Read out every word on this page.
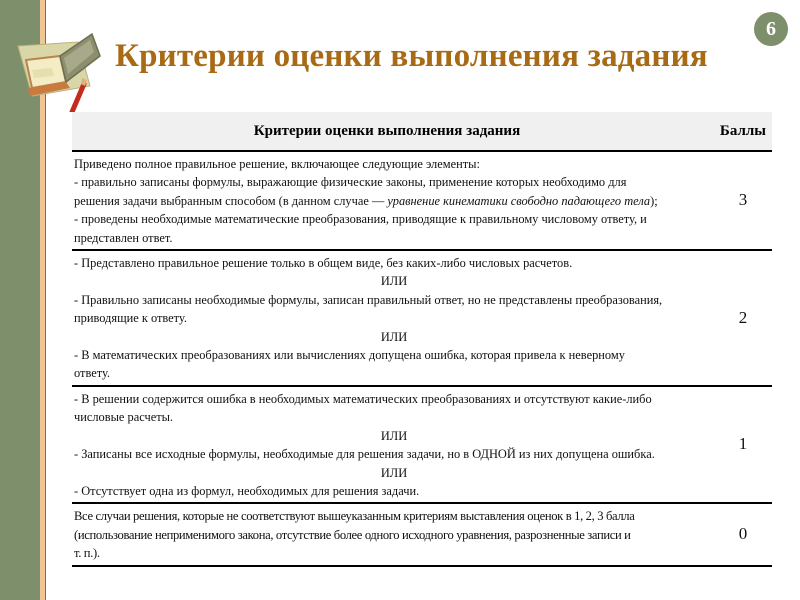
Критерии оценки выполнения задания
6
Критерии оценки выполнения задания	Баллы
Приведено полное правильное решение, включающее следующие элементы:
- правильно записаны формулы, выражающие физические законы, применение которых необходимо для
решения задачи выбранным способом (в данном случае — уравнение кинематики свободно падающего тела);
- проведены необходимые математические преобразования, приводящие к правильному числовому ответу, и
представлен ответ.
3
- Представлено правильное решение только в общем виде, без каких-либо числовых расчетов.
ИЛИ
- Правильно записаны необходимые формулы, записан правильный ответ, но не представлены преобразования,
приводящие к ответу.
ИЛИ
- В математических преобразованиях или вычислениях допущена ошибка, которая привела к неверному
ответу.
2
- В решении содержится ошибка в необходимых математических преобразованиях и отсутствуют какие-либо
числовые расчеты.
ИЛИ
- Записаны все исходные формулы, необходимые для решения задачи, но в ОДНОЙ из них допущена ошибка.
ИЛИ
- Отсутствует одна из формул, необходимых для решения задачи.
1
Все случаи решения, которые не соответствуют вышеуказанным критериям выставления оценок в 1, 2, 3 балла
(использование неприменимого закона, отсутствие более одного исходного уравнения, разрозненные записи и
т. п.).
0
